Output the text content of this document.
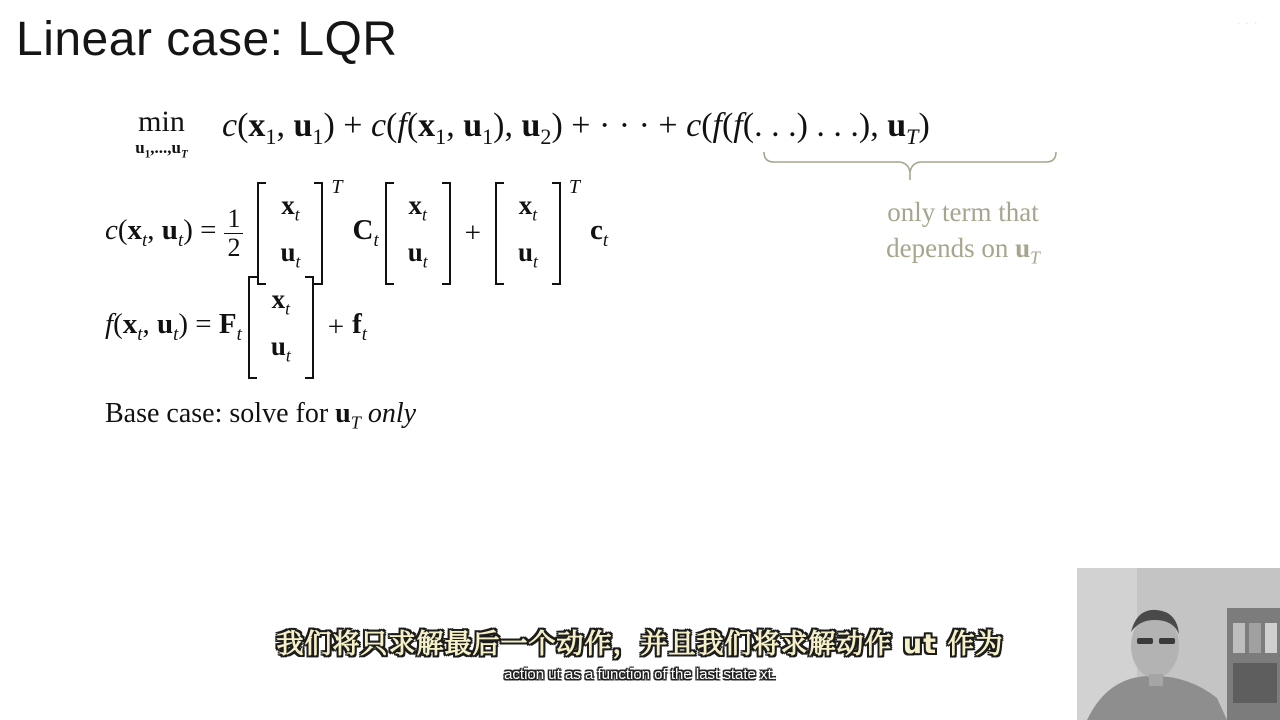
Linear case: LQR	· · ·
min
$u_1,...,u_T$
$c(x_1$, $u_1) + c(f(x_1$, $u_1$), $u_2$) + · · · + c(f(f(. . .) . . .), $u_T$)
only term that
depends on $u_T$
$c(x_t$, $u_t) = \frac{1}{2} x_t$
$u_t$
T
$C_t$
$x_t$
$u_t$
+
$x_t$
$u_t$
T
$c_t$
$f(x_t$, $u_t) = F_t$
$x_t$
$u_t$
+ $f_t$
Base case: solve for $u_T$ only
我们将只求解最后一个动作，并且我们将求解动作 ut 作为
action ut as a function of the last state xt.
